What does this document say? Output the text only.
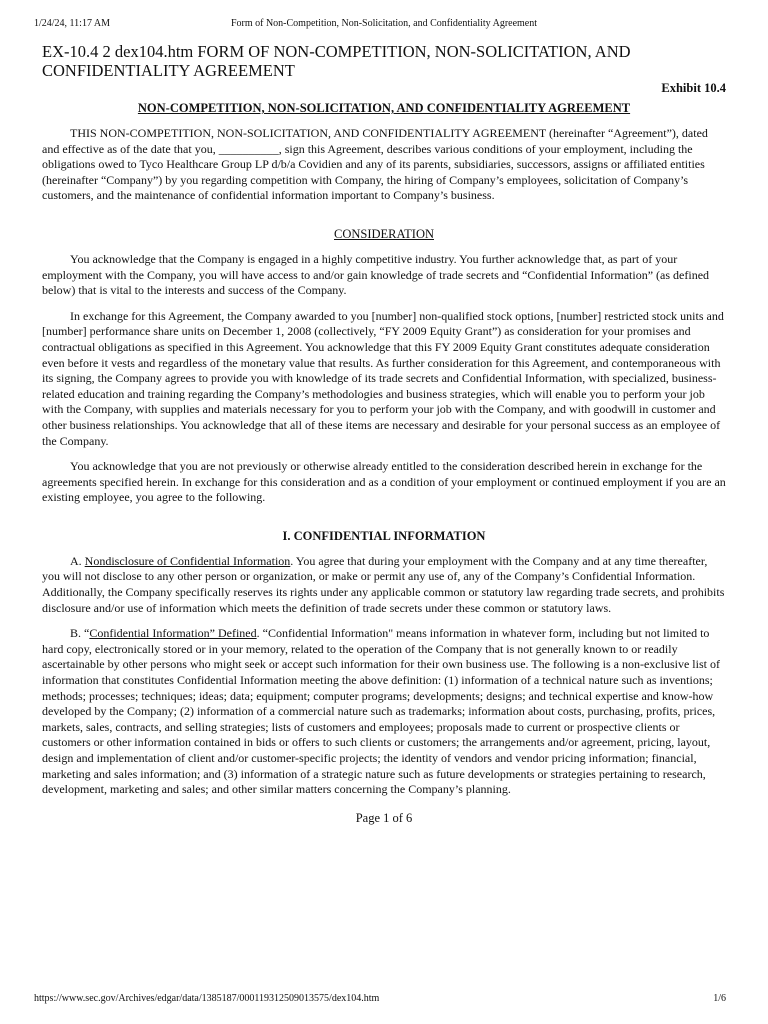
1/24/24, 11:17 AM	Form of Non-Competition, Non-Solicitation, and Confidentiality Agreement
EX-10.4 2 dex104.htm FORM OF NON-COMPETITION, NON-SOLICITATION, AND CONFIDENTIALITY AGREEMENT
Exhibit 10.4
NON-COMPETITION, NON-SOLICITATION, AND CONFIDENTIALITY AGREEMENT

THIS NON-COMPETITION, NON-SOLICITATION, AND CONFIDENTIALITY AGREEMENT (hereinafter “Agreement”), dated and effective as of the date that you, __________, sign this Agreement, describes various conditions of your employment, including the obligations owed to Tyco Healthcare Group LP d/b/a Covidien and any of its parents, subsidiaries, successors, assigns or affiliated entities (hereinafter “Company”) by you regarding competition with Company, the hiring of Company’s employees, solicitation of Company’s customers, and the maintenance of confidential information important to Company’s business.

CONSIDERATION

You acknowledge that the Company is engaged in a highly competitive industry. You further acknowledge that, as part of your employment with the Company, you will have access to and/or gain knowledge of trade secrets and “Confidential Information” (as defined below) that is vital to the interests and success of the Company.

In exchange for this Agreement, the Company awarded to you [number] non-qualified stock options, [number] restricted stock units and [number] performance share units on December 1, 2008 (collectively, “FY 2009 Equity Grant”) as consideration for your promises and contractual obligations as specified in this Agreement. You acknowledge that this FY 2009 Equity Grant constitutes adequate consideration even before it vests and regardless of the monetary value that results. As further consideration for this Agreement, and contemporaneous with its signing, the Company agrees to provide you with knowledge of its trade secrets and Confidential Information, with specialized, business-related education and training regarding the Company’s methodologies and business strategies, which will enable you to perform your job with the Company, with supplies and materials necessary for you to perform your job with the Company, and with goodwill in customer and other business relationships. You acknowledge that all of these items are necessary and desirable for your personal success as an employee of the Company.

You acknowledge that you are not previously or otherwise already entitled to the consideration described herein in exchange for the agreements specified herein. In exchange for this consideration and as a condition of your employment or continued employment if you are an existing employee, you agree to the following.

I. CONFIDENTIAL INFORMATION

A. Nondisclosure of Confidential Information. You agree that during your employment with the Company and at any time thereafter, you will not disclose to any other person or organization, or make or permit any use of, any of the Company’s Confidential Information. Additionally, the Company specifically reserves its rights under any applicable common or statutory law regarding trade secrets, and prohibits disclosure and/or use of information which meets the definition of trade secrets under these common or statutory laws.

B. “Confidential Information” Defined. “Confidential Information" means information in whatever form, including but not limited to hard copy, electronically stored or in your memory, related to the operation of the Company that is not generally known to or readily ascertainable by other persons who might seek or accept such information for their own business use. The following is a non-exclusive list of information that constitutes Confidential Information meeting the above definition: (1) information of a technical nature such as inventions; methods; processes; techniques; ideas; data; equipment; computer programs; developments; designs; and technical expertise and know-how developed by the Company; (2) information of a commercial nature such as trademarks; information about costs, purchasing, profits, prices, markets, sales, contracts, and selling strategies; lists of customers and employees; proposals made to current or prospective clients or customers or other information contained in bids or offers to such clients or customers; the arrangements and/or agreement, pricing, layout, design and implementation of client and/or customer-specific projects; the identity of vendors and vendor pricing information; financial, marketing and sales information; and (3) information of a strategic nature such as future developments or strategies pertaining to research, development, marketing and sales; and other similar matters concerning the Company’s planning.

Page 1 of 6
https://www.sec.gov/Archives/edgar/data/1385187/000119312509013575/dex104.htm	1/6
